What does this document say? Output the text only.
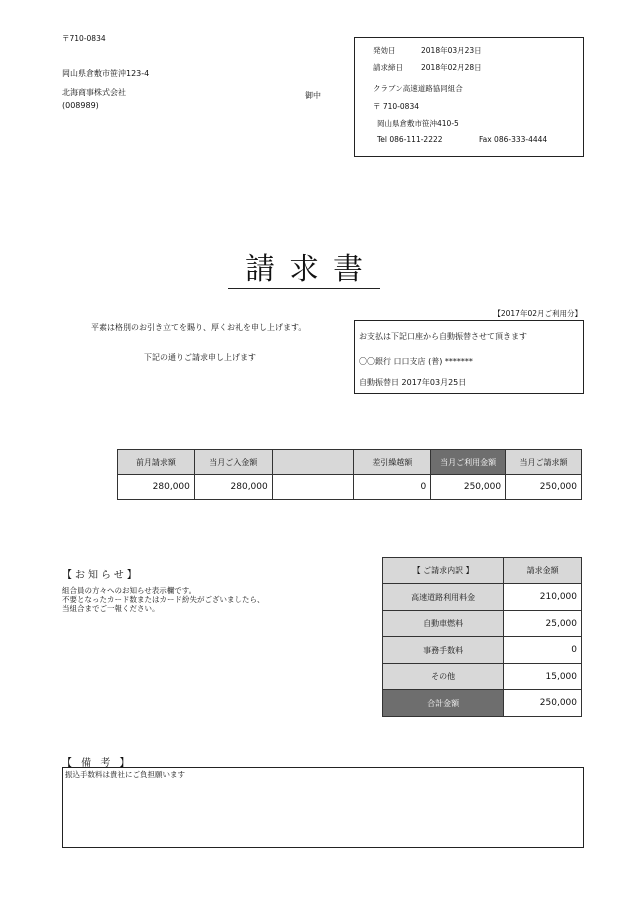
〒710-0834
岡山県倉敷市笹沖123-4
北海商事株式会社
(008989)
御中
発効日	2018年03月23日
請求締日 2018年02月28日
クラブン高速道路協同組合
〒 710-0834
岡山県倉敷市笹沖410-5
Tel 086-111-2222	Fax 086-333-4444
請求書
平素は格別のお引き立てを賜り、厚くお礼を申し上げます。
下記の通りご請求申し上げます
【2017年02月ご利用分】
お支払は下記口座から自動振替させて頂きます
〇〇銀行 口口支店 (普) *******
自動振替日 2017年03月25日
前月請求額	当月ご入金額		差引繰越額	当月ご利用金額	当月ご請求額
280,000	280,000		0	250,000	250,000
【お知らせ】
組合員の方々へのお知らせ表示欄です。
不要となったカード数またはカード紛失がございましたら、
当組合までご一報ください。
【 ご請求内訳 】	請求金額
高速道路利用料金	210,000
自動車燃料	25,000
事務手数料	0
その他	15,000
合計金額	250,000
【 備 考 】
振込手数料は貴社にご負担願います
